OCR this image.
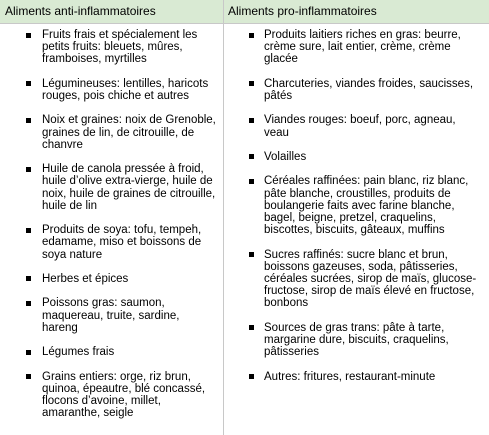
Aliments anti-inflammatoires	Aliments pro-inflammatoires
Fruits frais et spécialement les petits fruits: bleuets, mûres, framboises, myrtilles
Légumineuses: lentilles, haricots rouges, pois chiche et autres
Noix et graines: noix de Grenoble, graines de lin, de citrouille, de chanvre
Huile de canola pressée à froid, huile d’olive extra-vierge, huile de noix, huile de graines de citrouille, huile de lin
Produits de soya: tofu, tempeh, edamame, miso et boissons de soya nature
Herbes et épices
Poissons gras: saumon, maquereau, truite, sardine, hareng
Légumes frais
Grains entiers: orge, riz brun, quinoa, épeautre, blé concassé, flocons d’avoine, millet, amaranthe, seigle
Produits laitiers riches en gras: beurre, crème sure, lait entier, crème, crème glacée
Charcuteries, viandes froides, saucisses, pâtés
Viandes rouges: boeuf, porc, agneau, veau
Volailles
Céréales raffinées: pain blanc, riz blanc, pâte blanche, croustilles, produits de boulangerie faits avec farine blanche, bagel, beigne, pretzel, craquelins, biscottes, biscuits, gâteaux, muffins
Sucres raffinés: sucre blanc et brun, boissons gazeuses, soda, pâtisseries, céréales sucrées, sirop de maïs, glucose-fructose, sirop de maïs élevé en fructose, bonbons
Sources de gras trans: pâte à tarte, margarine dure, biscuits, craquelins, pâtisseries
Autres: fritures, restaurant-minute
